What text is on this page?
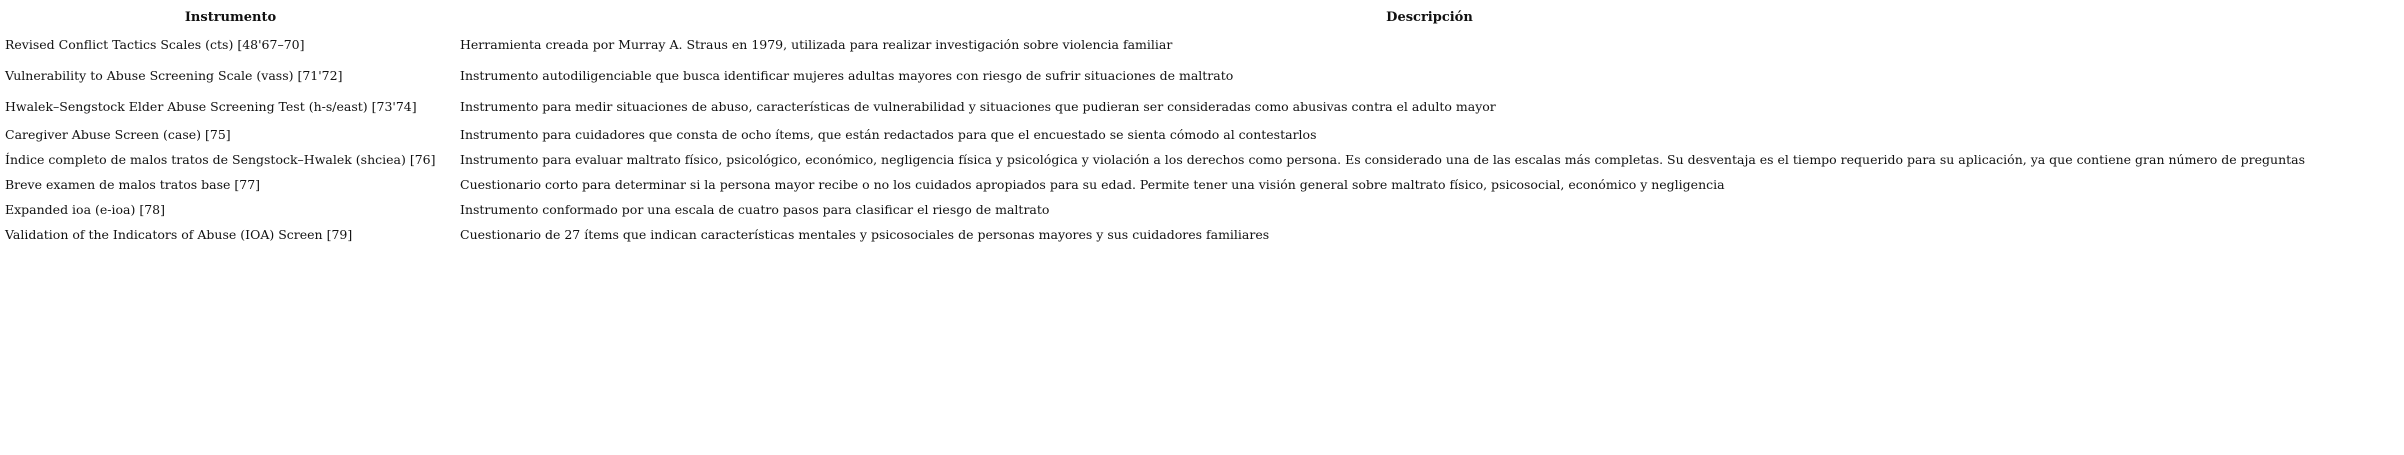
Instrumento	Descripción
Revised Conflict Tactics Scales (cts) [48'67–70]	Herramienta creada por Murray A. Straus en 1979, utilizada para realizar investigación sobre violencia familiar
Vulnerability to Abuse Screening Scale (vass) [71'72]	Instrumento autodiligenciable que busca identificar mujeres adultas mayores con riesgo de sufrir situaciones de maltrato
Hwalek–Sengstock Elder Abuse Screening Test (h-s/east) [73'74]	Instrumento para medir situaciones de abuso, características de vulnerabilidad y situaciones que pudieran ser consideradas como abusivas contra el adulto mayor
Caregiver Abuse Screen (case) [75]	Instrumento para cuidadores que consta de ocho ítems, que están redactados para que el encuestado se sienta cómodo al contestarlos
Índice completo de malos tratos de Sengstock–Hwalek (shciea) [76]	Instrumento para evaluar maltrato físico, psicológico, económico, negligencia física y psicológica y violación a los derechos como persona. Es considerado una de las escalas más completas. Su desventaja es el tiempo requerido para su aplicación, ya que contiene gran número de preguntas
Breve examen de malos tratos base [77]	Cuestionario corto para determinar si la persona mayor recibe o no los cuidados apropiados para su edad. Permite tener una visión general sobre maltrato físico, psicosocial, económico y negligencia
Expanded ioa (e-ioa) [78]	Instrumento conformado por una escala de cuatro pasos para clasificar el riesgo de maltrato
Validation of the Indicators of Abuse (IOA) Screen [79]	Cuestionario de 27 ítems que indican características mentales y psicosociales de personas mayores y sus cuidadores familiares
